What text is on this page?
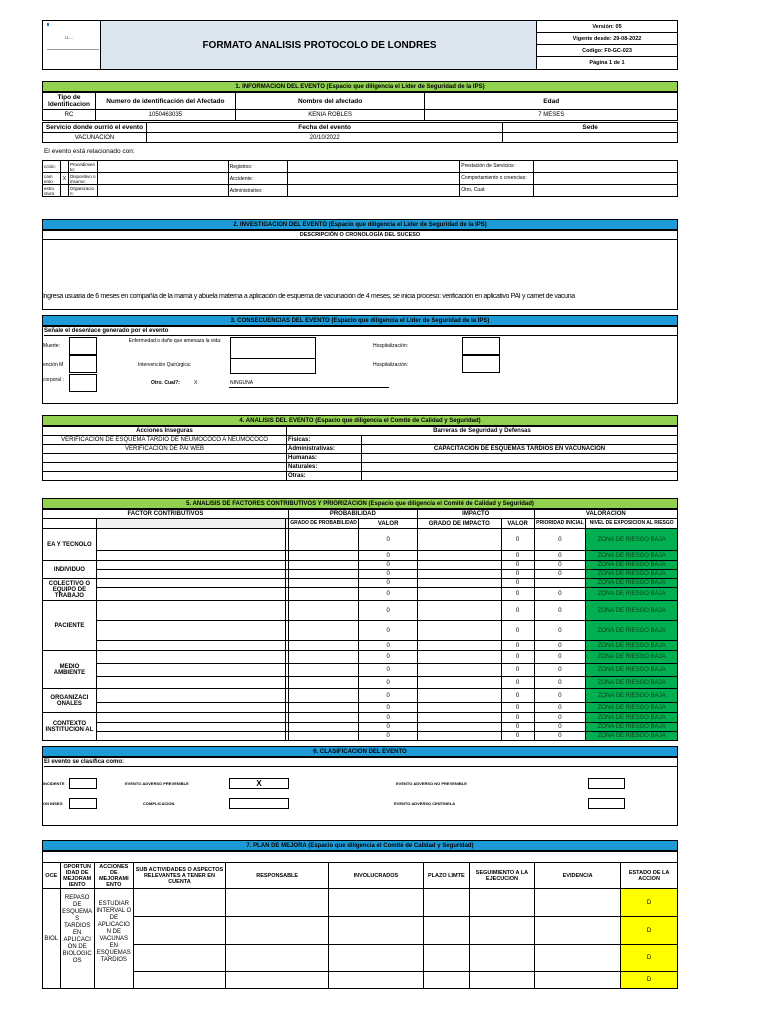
u....
FORMATO ANALISIS PROTOCOLO DE LONDRES
Versión: 05
Vigente desde: 29-08-2022
Codigo: F0-GC-023
Página 1 de 1
1. INFORMACION DEL EVENTO (Espacio que diligencia el Líder de Seguridad de la IPS)
Tipo de Identificacion	Numero de identificación del Afectado	Nombre del afectado	Edad
RC	1050463035	KENIA ROBLES	7 MESES
Servicio donde ourrió el evento	Fecha del evento	Sede
VACUNACION	20/10/2022	
El evento está relacionado con:
cción:		Procedimien to:		Registros:		Prestación de Servicios:	
cam ento	X	Dispositivo o insumo:		Accidente:		Comportamiento o creencias:	
estru ctura		Organizacio n:		Administrativo:		Otro, Cual:	
2. INVESTIGACION DEL EVENTO (Espacio que diligencia el Lider de Seguridad de la IPS)
DESCRIPCIÓN O CRONOLOGÍA DEL SUCESO
Ingresa usuaria de 6 meses en compañía de la mamá y abuela materna a aplicación de esquema de vacunación de 4 meses, se inicia proceso: verificación en aplicativo PAI y carnet de vacuna
3. CONSECUENCIAS DEL EVENTO (Espacio que diligencia el Lider de Seguridad de la IPS)
Señale el desenlace generado por el evento
Muerte:
Enfermedad o daño que amenaza la vida:
Hospitalización:
ención M	Intervención Quirúrgica:	Hospitalización:
corporal :	Otro. Cual?:	X	NINGUNA
4. ANALISIS DEL EVENTO (Espacio que diligencia el Comité de Calidad y Seguridad)
Acciones Inseguras	Barreras de Seguridad y Defensas	
VERIFICACION DE ESQUEMA TARDIO DE NEUMOCOCO A NEUMOCOCO	Fisicas:	
VERIFICACION DE PAI WEB	Administrativas:	CAPACITACION DE ESQUEMAS TARDIOS EN VACUNACION
	Humanas:	
	Naturales:	
	Otras:	
5. ANALISIS DE FACTORES CONTRIBUTIVOS Y PRIORIZACION (Espacio que diligencia el Comité de Calidad y Seguridad)
FACTOR CONTRIBUTIVOS			PROBABILIDAD		IMPACTO		VALORACION	
			GRADO DE PROBABILIDAD	VALOR	GRADO DE IMPACTO	VALOR	PRIORIDAD INICIAL	NIVEL DE EXPOSICION AL RIESGO
EA Y TECNOLO				0		0	0	ZONA DE RIESGO BAJA
				0		0	0	ZONA DE RIESGO BAJA
INDIVIDUO				0		0	0	ZONA DE RIESGO BAJA
				0		0	0	ZONA DE RIESGO BAJA
COLECTIVO O EQUIPO DE TRABAJO				0		0		ZONA DE RIESGO BAJA
				0		0	0	ZONA DE RIESGO BAJA
PACIENTE				0		0	0	ZONA DE RIESGO BAJA
				0		0	0	ZONA DE RIESGO BAJA
				0		0	0	ZONA DE RIESGO BAJA
MEDIO AMBIENTE				0		0	0	ZONA DE RIESGO BAJA
				0		0	0	ZONA DE RIESGO BAJA
				0		0	0	ZONA DE RIESGO BAJA
ORGANIZACI ONALES				0		0	0	ZONA DE RIESGO BAJA
				0		0	0	ZONA DE RIESGO BAJA
CONTEXTO INSTITUCION AL				0		0	0	ZONA DE RIESGO BAJA
				0		0	0	ZONA DE RIESGO BAJA
				0		0	0	ZONA DE RIESGO BAJA
6. CLASIFICACION DEL EVENTO
El evento se clasifica como:
INCIDENTE	EVENTO ADVERSO PREVENIBLE	X	EVENTO ADVERSO NO PREVENIBLE
ON INSEG	COMPLICACION	EVENTO ADVERSO CENTINELA
7. PLAN DE MEJORA (Espacio que diligencia el Comité de Calidad y Seguridad)
OCE	OPORTUN IDAD DE MEJORAM IENTO	ACCIONES DE MEJORAMI ENTO	SUB ACTIVIDADES O ASPECTOS RELEVANTES A TENER EN CUENTA	RESPONSABLE	INVOLUCRADOS	PLAZO LIMTE	SEGUIMIENTO A LA EJECUCION	EVIDENCIA	ESTADO DE LA ACCION
BIOL	REPASO DE ESQUEMA S TARDIOS EN APLICACI ON DE BIOLOGIC OS	ESTUDIAR INTERVAL O DE APLICACIO N DE VACUNAS EN ESQUEMAS TARDIOS							D
									D
									D
									D
